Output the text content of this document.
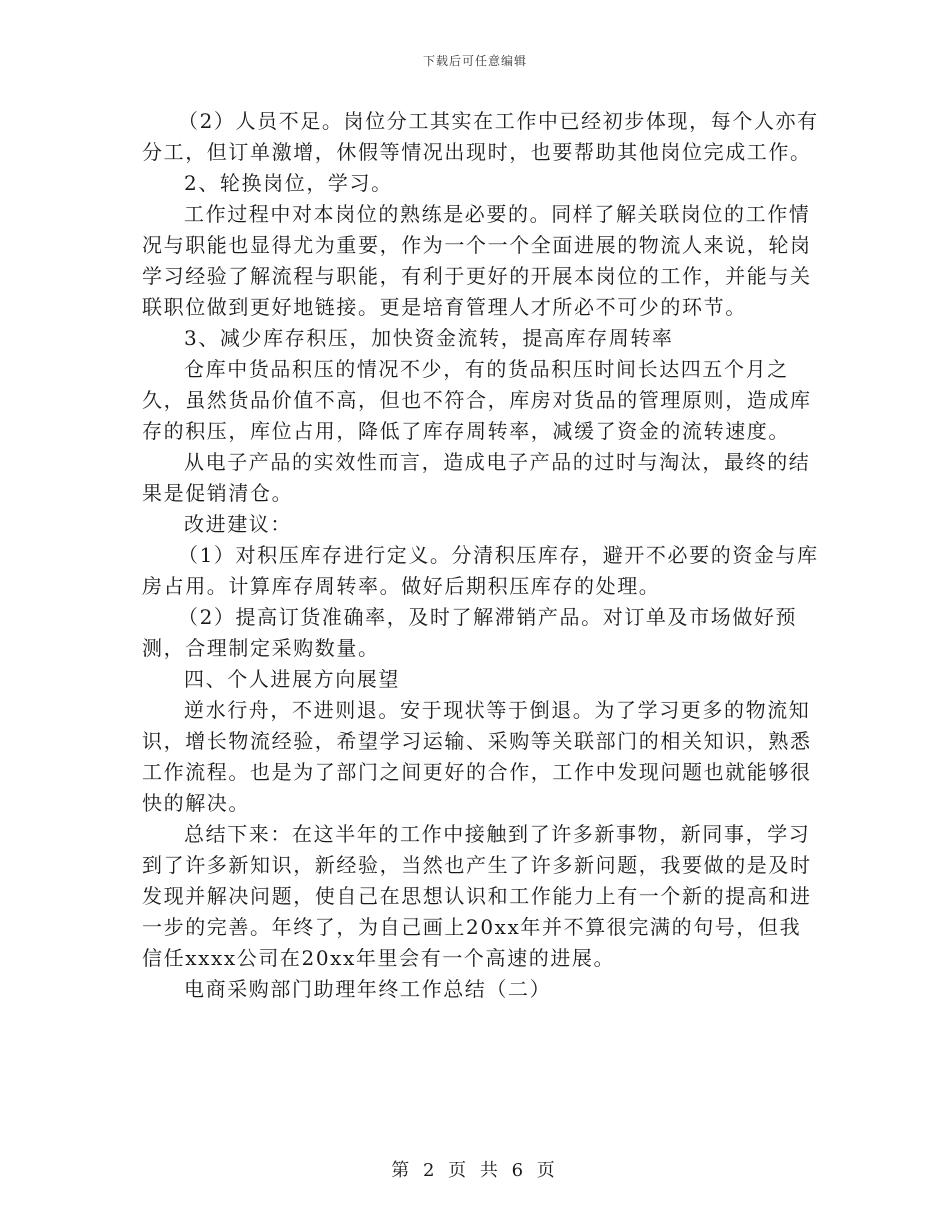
下载后可任意编辑

（2）人员不足。岗位分工其实在工作中已经初步体现，每个人亦有分工，但订单激增，休假等情况出现时，也要帮助其他岗位完成工作。

2、轮换岗位，学习。

工作过程中对本岗位的熟练是必要的。同样了解关联岗位的工作情况与职能也显得尤为重要，作为一个一个全面进展的物流人来说，轮岗学习经验了解流程与职能，有利于更好的开展本岗位的工作，并能与关联职位做到更好地链接。更是培育管理人才所必不可少的环节。

3、减少库存积压，加快资金流转，提高库存周转率

仓库中货品积压的情况不少，有的货品积压时间长达四五个月之久，虽然货品价值不高，但也不符合，库房对货品的管理原则，造成库存的积压，库位占用，降低了库存周转率，减缓了资金的流转速度。

从电子产品的实效性而言，造成电子产品的过时与淘汰，最终的结果是促销清仓。

改进建议：

（1）对积压库存进行定义。分清积压库存，避开不必要的资金与库房占用。计算库存周转率。做好后期积压库存的处理。

（2）提高订货准确率，及时了解滞销产品。对订单及市场做好预测，合理制定采购数量。

四、个人进展方向展望

逆水行舟，不进则退。安于现状等于倒退。为了学习更多的物流知识，增长物流经验，希望学习运输、采购等关联部门的相关知识，熟悉工作流程。也是为了部门之间更好的合作，工作中发现问题也就能够很快的解决。

总结下来：在这半年的工作中接触到了许多新事物，新同事，学习到了许多新知识，新经验，当然也产生了许多新问题，我要做的是及时发现并解决问题，使自己在思想认识和工作能力上有一个新的提高和进一步的完善。年终了，为自己画上20xx年并不算很完满的句号，但我信任xxxx公司在20xx年里会有一个高速的进展。

电商采购部门助理年终工作总结（二）

第 2 页 共 6 页
